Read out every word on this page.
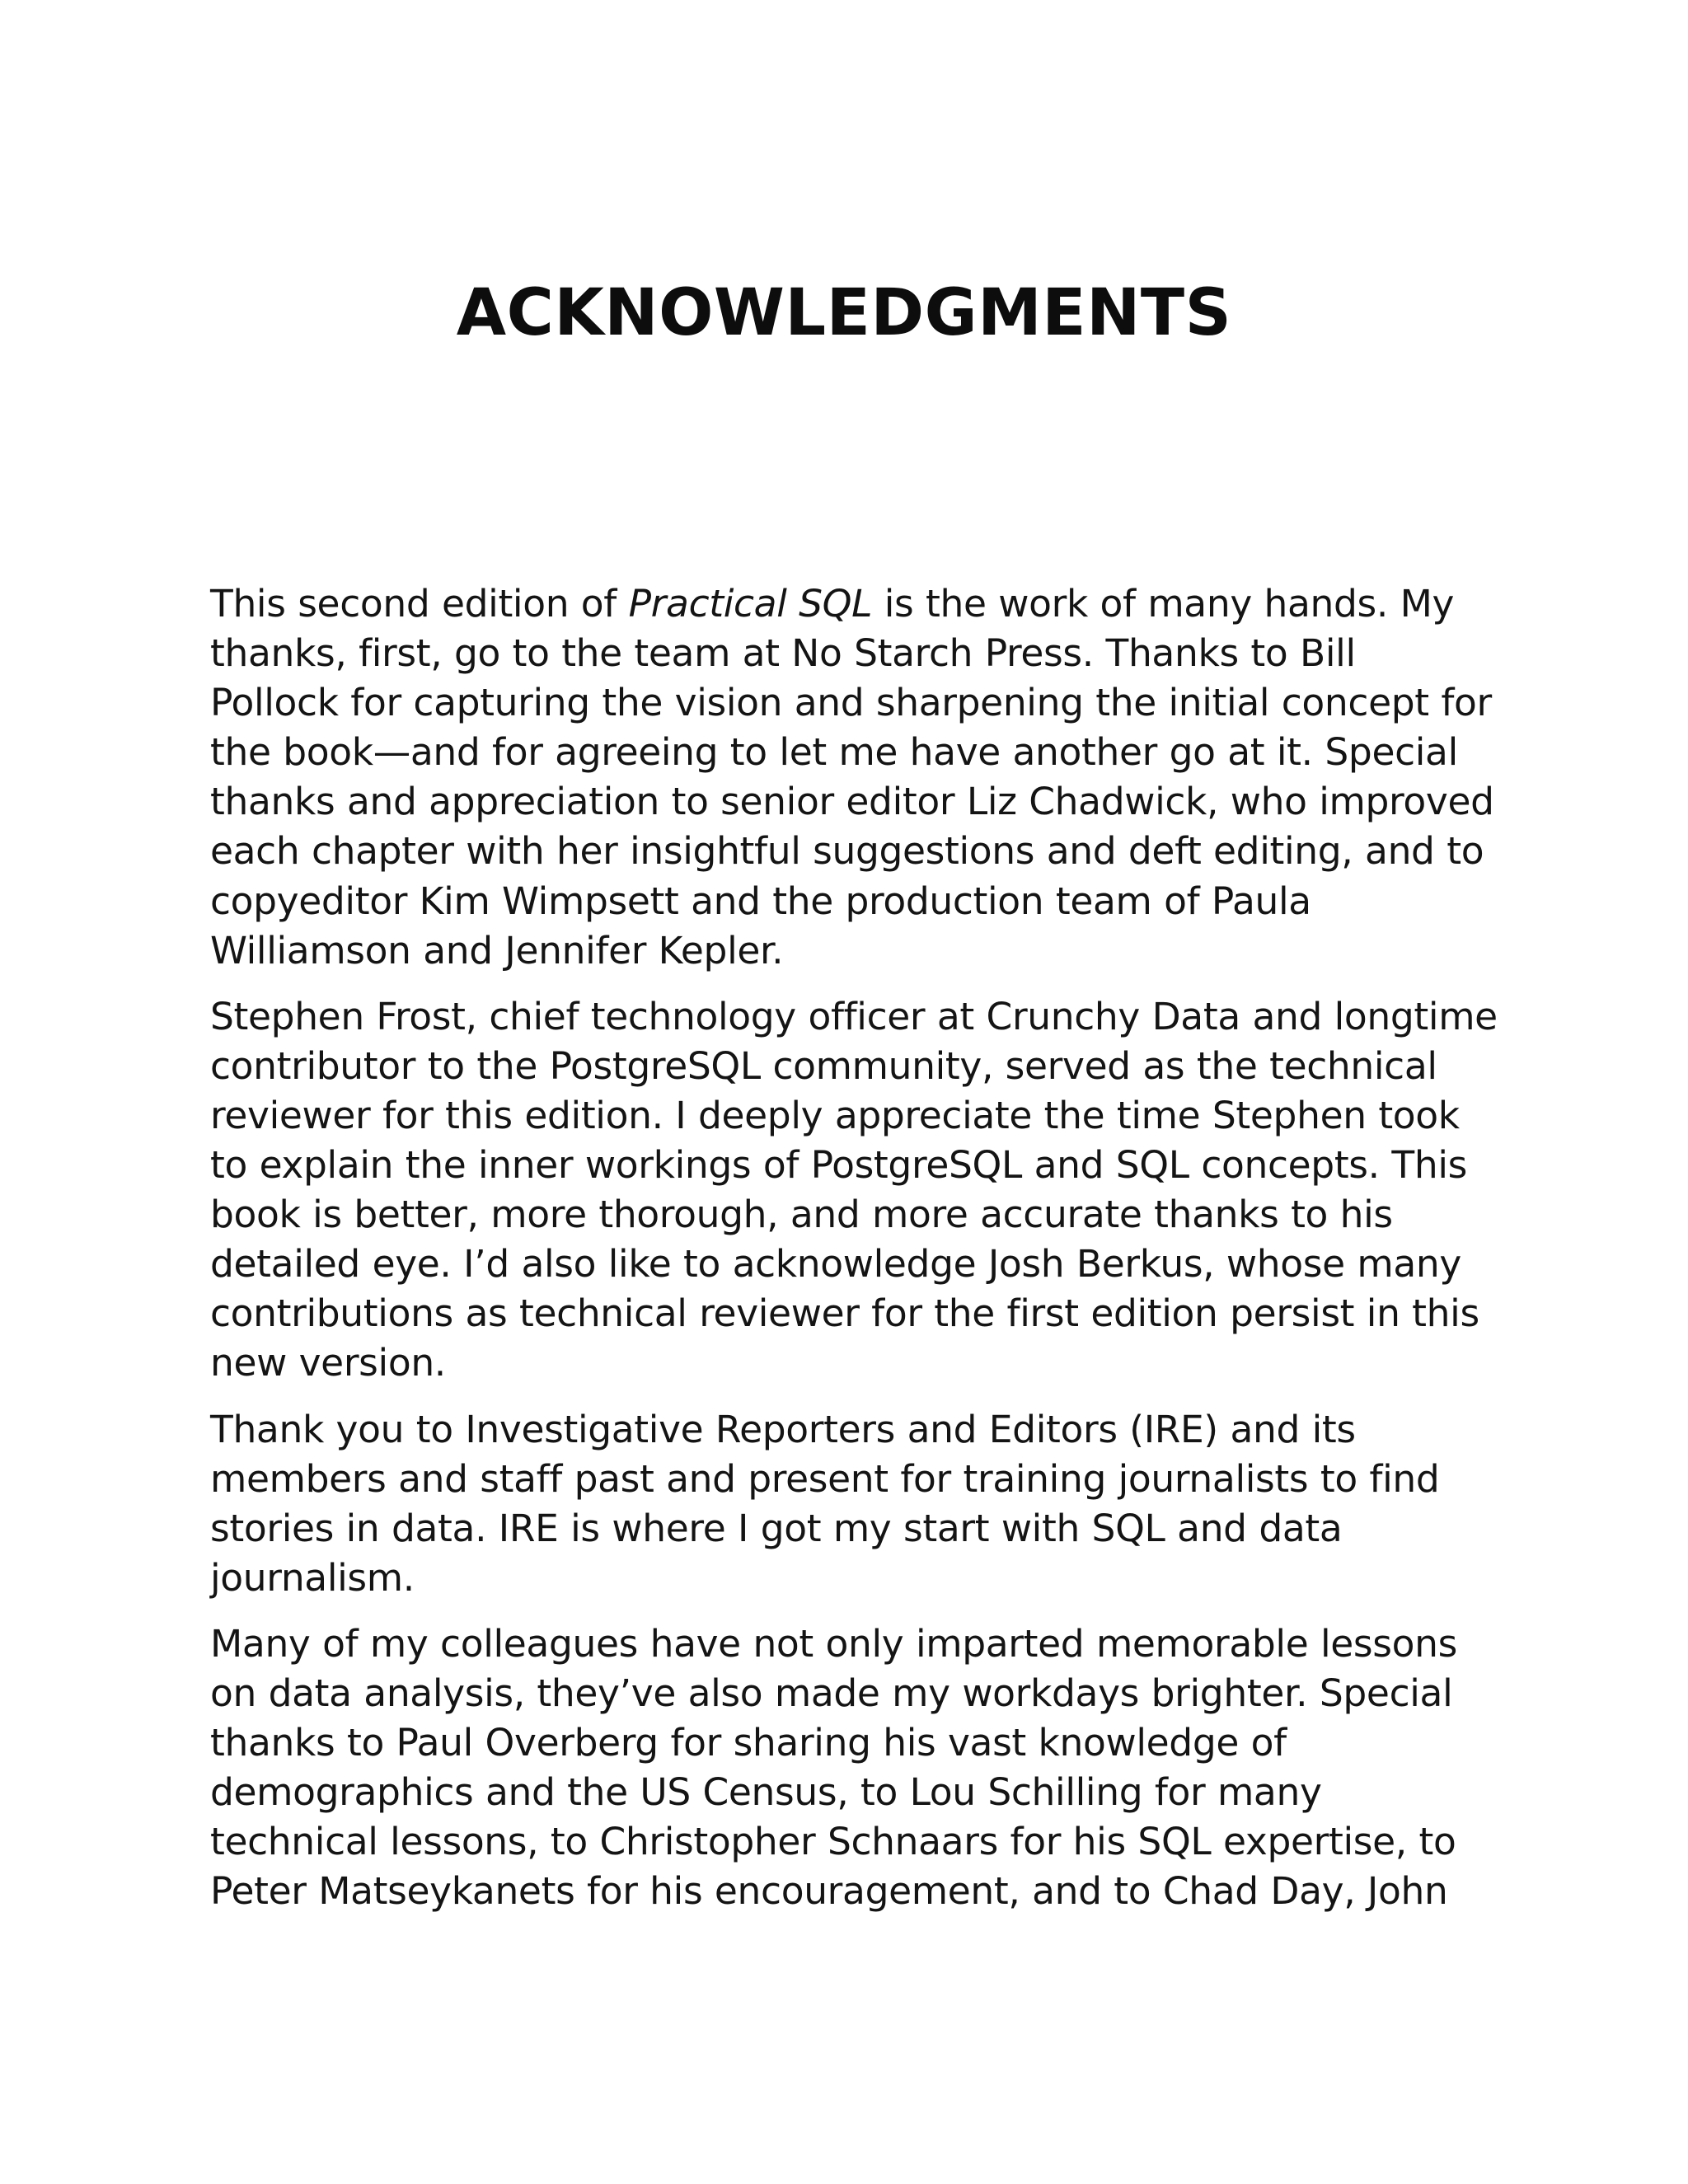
ACKNOWLEDGMENTS

This second edition of Practical SQL is the work of many hands. My
thanks, first, go to the team at No Starch Press. Thanks to Bill
Pollock for capturing the vision and sharpening the initial concept for
the book—and for agreeing to let me have another go at it. Special
thanks and appreciation to senior editor Liz Chadwick, who improved
each chapter with her insightful suggestions and deft editing, and to
copyeditor Kim Wimpsett and the production team of Paula
Williamson and Jennifer Kepler.

Stephen Frost, chief technology officer at Crunchy Data and longtime
contributor to the PostgreSQL community, served as the technical
reviewer for this edition. I deeply appreciate the time Stephen took
to explain the inner workings of PostgreSQL and SQL concepts. This
book is better, more thorough, and more accurate thanks to his
detailed eye. I’d also like to acknowledge Josh Berkus, whose many
contributions as technical reviewer for the first edition persist in this
new version.

Thank you to Investigative Reporters and Editors (IRE) and its
members and staff past and present for training journalists to find
stories in data. IRE is where I got my start with SQL and data
journalism.

Many of my colleagues have not only imparted memorable lessons
on data analysis, they’ve also made my workdays brighter. Special
thanks to Paul Overberg for sharing his vast knowledge of
demographics and the US Census, to Lou Schilling for many
technical lessons, to Christopher Schnaars for his SQL expertise, to
Peter Matseykanets for his encouragement, and to Chad Day, John
